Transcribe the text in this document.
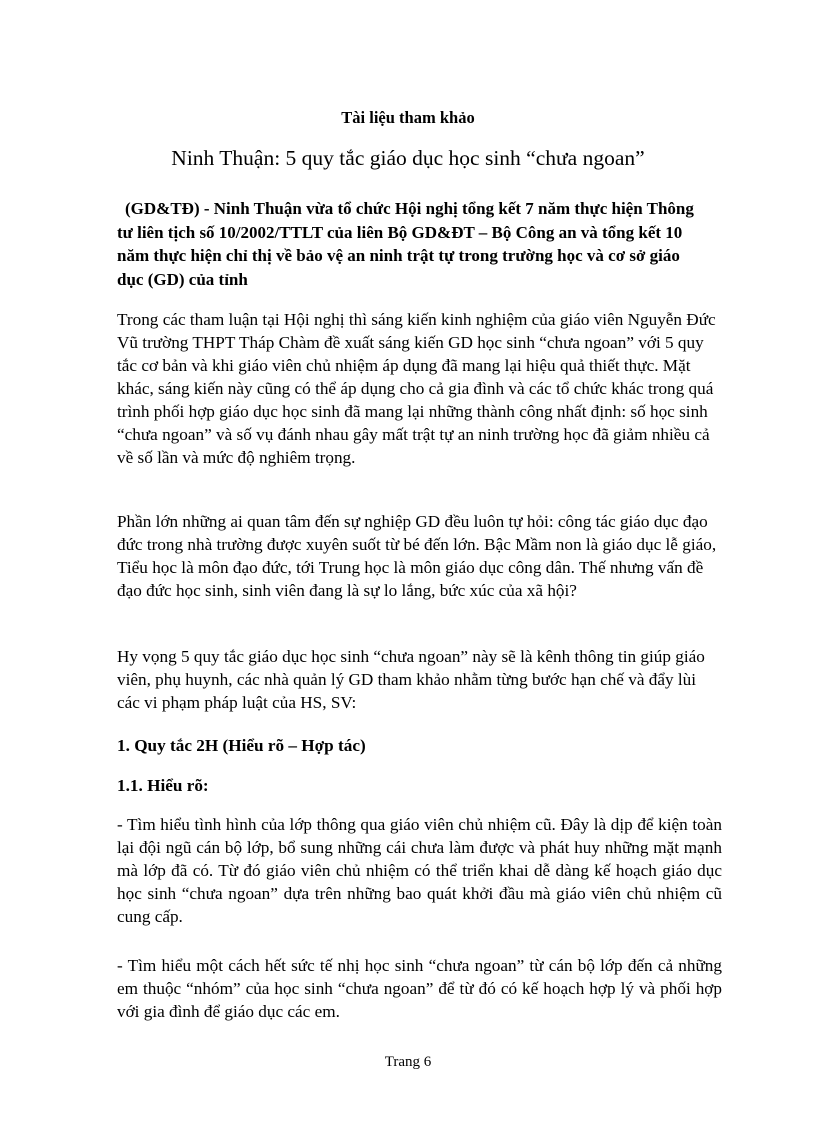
Tài liệu tham khảo

Ninh Thuận: 5 quy tắc giáo dục học sinh “chưa ngoan”

(GD&TĐ) - Ninh Thuận vừa tổ chức Hội nghị tổng kết 7 năm thực hiện Thông tư liên tịch số 10/2002/TTLT của liên Bộ GD&ĐT – Bộ Công an và tổng kết 10 năm thực hiện chỉ thị về bảo vệ an ninh trật tự trong trường học và cơ sở giáo dục (GD) của tỉnh

Trong các tham luận tại Hội nghị thì sáng kiến kinh nghiệm của giáo viên Nguyễn Đức Vũ trường THPT Tháp Chàm đề xuất sáng kiến GD học sinh “chưa ngoan” với 5 quy tắc cơ bản và khi giáo viên chủ nhiệm áp dụng đã mang lại hiệu quả thiết thực. Mặt khác, sáng kiến này cũng có thể áp dụng cho cả gia đình và các tổ chức khác trong quá trình phối hợp giáo dục học sinh đã mang lại những thành công nhất định: số học sinh “chưa ngoan” và số vụ đánh nhau gây mất trật tự an ninh trường học đã giảm nhiều cả về số lần và mức độ nghiêm trọng.

Phần lớn những ai quan tâm đến sự nghiệp GD đều luôn tự hỏi: công tác giáo dục đạo đức trong nhà trường được xuyên suốt từ bé đến lớn. Bậc Mầm non là giáo dục lễ giáo, Tiểu học là môn đạo đức, tới Trung học là môn giáo dục công dân. Thế nhưng vấn đề đạo đức học sinh, sinh viên đang là sự lo lắng, bức xúc của xã hội?

Hy vọng 5 quy tắc giáo dục học sinh “chưa ngoan” này sẽ là kênh thông tin giúp giáo viên, phụ huynh, các nhà quản lý GD tham khảo nhằm từng bước hạn chế và đẩy lùi các vi phạm pháp luật của HS, SV:

1. Quy tắc 2H (Hiểu rõ – Hợp tác)

1.1. Hiểu rõ:

- Tìm hiểu tình hình của lớp thông qua giáo viên chủ nhiệm cũ. Đây là dịp để kiện toàn lại đội ngũ cán bộ lớp, bổ sung những cái chưa làm được và phát huy những mặt mạnh mà lớp đã có. Từ đó giáo viên chủ nhiệm có thể triển khai dễ dàng kế hoạch giáo dục học sinh “chưa ngoan” dựa trên những bao quát khởi đầu mà giáo viên chủ nhiệm cũ cung cấp.

- Tìm hiểu một cách hết sức tế nhị học sinh “chưa ngoan” từ cán bộ lớp đến cả những em thuộc “nhóm” của học sinh “chưa ngoan” để từ đó có kế hoạch hợp lý và phối hợp với gia đình để giáo dục các em.

Trang 6
